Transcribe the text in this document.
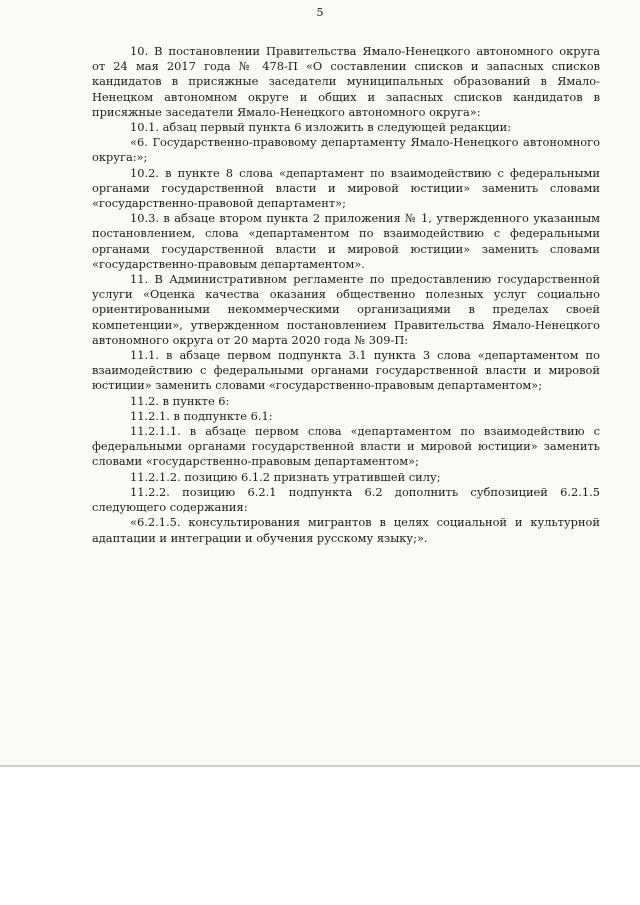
5

10. В постановлении Правительства Ямало-Ненецкого автономного округа от 24 мая 2017 года № 478-П «О составлении списков и запасных списков кандидатов в присяжные заседатели муниципальных образований в Ямало-Ненецком автономном округе и общих и запасных списков кандидатов в присяжные заседатели Ямало-Ненецкого автономного округа»:

10.1. абзац первый пункта 6 изложить в следующей редакции:

«6. Государственно-правовому департаменту Ямало-Ненецкого автономного округа:»;

10.2. в пункте 8 слова «департамент по взаимодействию с федеральными органами государственной власти и мировой юстиции» заменить словами «государственно-правовой департамент»;

10.3. в абзаце втором пункта 2 приложения № 1, утвержденного указанным постановлением, слова «департаментом по взаимодействию с федеральными органами государственной власти и мировой юстиции» заменить словами «государственно-правовым департаментом».

11. В Административном регламенте по предоставлению государственной услуги «Оценка качества оказания общественно полезных услуг социально ориентированными некоммерческими организациями в пределах своей компетенции», утвержденном постановлением Правительства Ямало-Ненецкого автономного округа от 20 марта 2020 года № 309-П:

11.1. в абзаце первом подпункта 3.1 пункта 3 слова «департаментом по взаимодействию с федеральными органами государственной власти и мировой юстиции» заменить словами «государственно-правовым департаментом»;

11.2. в пункте 6:

11.2.1. в подпункте 6.1:

11.2.1.1. в абзаце первом слова «департаментом по взаимодействию с федеральными органами государственной власти и мировой юстиции» заменить словами «государственно-правовым департаментом»;

11.2.1.2. позицию 6.1.2 признать утратившей силу;

11.2.2. позицию 6.2.1 подпункта 6.2 дополнить субпозицией 6.2.1.5 следующего содержания:

«6.2.1.5. консультирования мигрантов в целях социальной и культурной адаптации и интеграции и обучения русскому языку;».
